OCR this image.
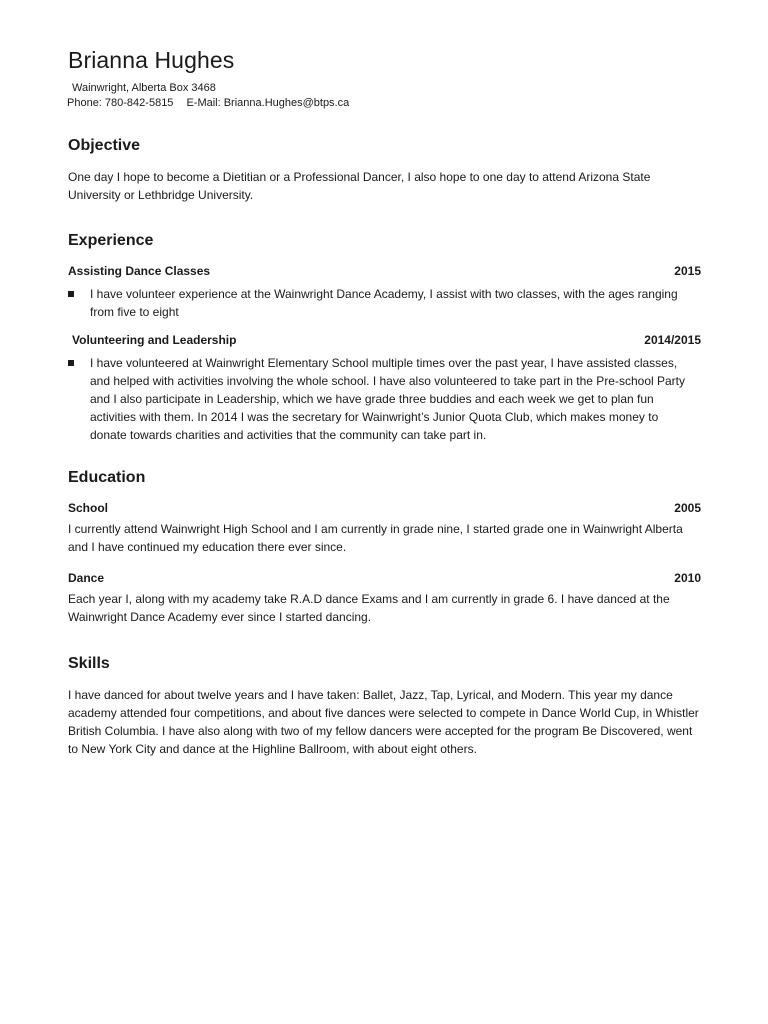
Brianna Hughes
Wainwright, Alberta Box 3468
Phone: 780-842-5815 E-Mail: Brianna.Hughes@btps.ca
Objective

One day I hope to become a Dietitian or a Professional Dancer, I also hope to one day to attend Arizona State University or Lethbridge University.

Experience
Assisting Dance Classes	2015

I have volunteer experience at the Wainwright Dance Academy, I assist with two classes, with the ages ranging from five to eight

Volunteering and Leadership	2014/2015

I have volunteered at Wainwright Elementary School multiple times over the past year, I have assisted classes, and helped with activities involving the whole school. I have also volunteered to take part in the Pre-school Party and I also participate in Leadership, which we have grade three buddies and each week we get to plan fun activities with them. In 2014 I was the secretary for Wainwright’s Junior Quota Club, which makes money to donate towards charities and activities that the community can take part in.

Education
School	2005

I currently attend Wainwright High School and I am currently in grade nine, I started grade one in Wainwright Alberta and I have continued my education there ever since.

Dance	2010

Each year I, along with my academy take R.A.D dance Exams and I am currently in grade 6. I have danced at the Wainwright Dance Academy ever since I started dancing.

Skills

I have danced for about twelve years and I have taken: Ballet, Jazz, Tap, Lyrical, and Modern. This year my dance academy attended four competitions, and about five dances were selected to compete in Dance World Cup, in Whistler British Columbia. I have also along with two of my fellow dancers were accepted for the program Be Discovered, went to New York City and dance at the Highline Ballroom, with about eight others.
